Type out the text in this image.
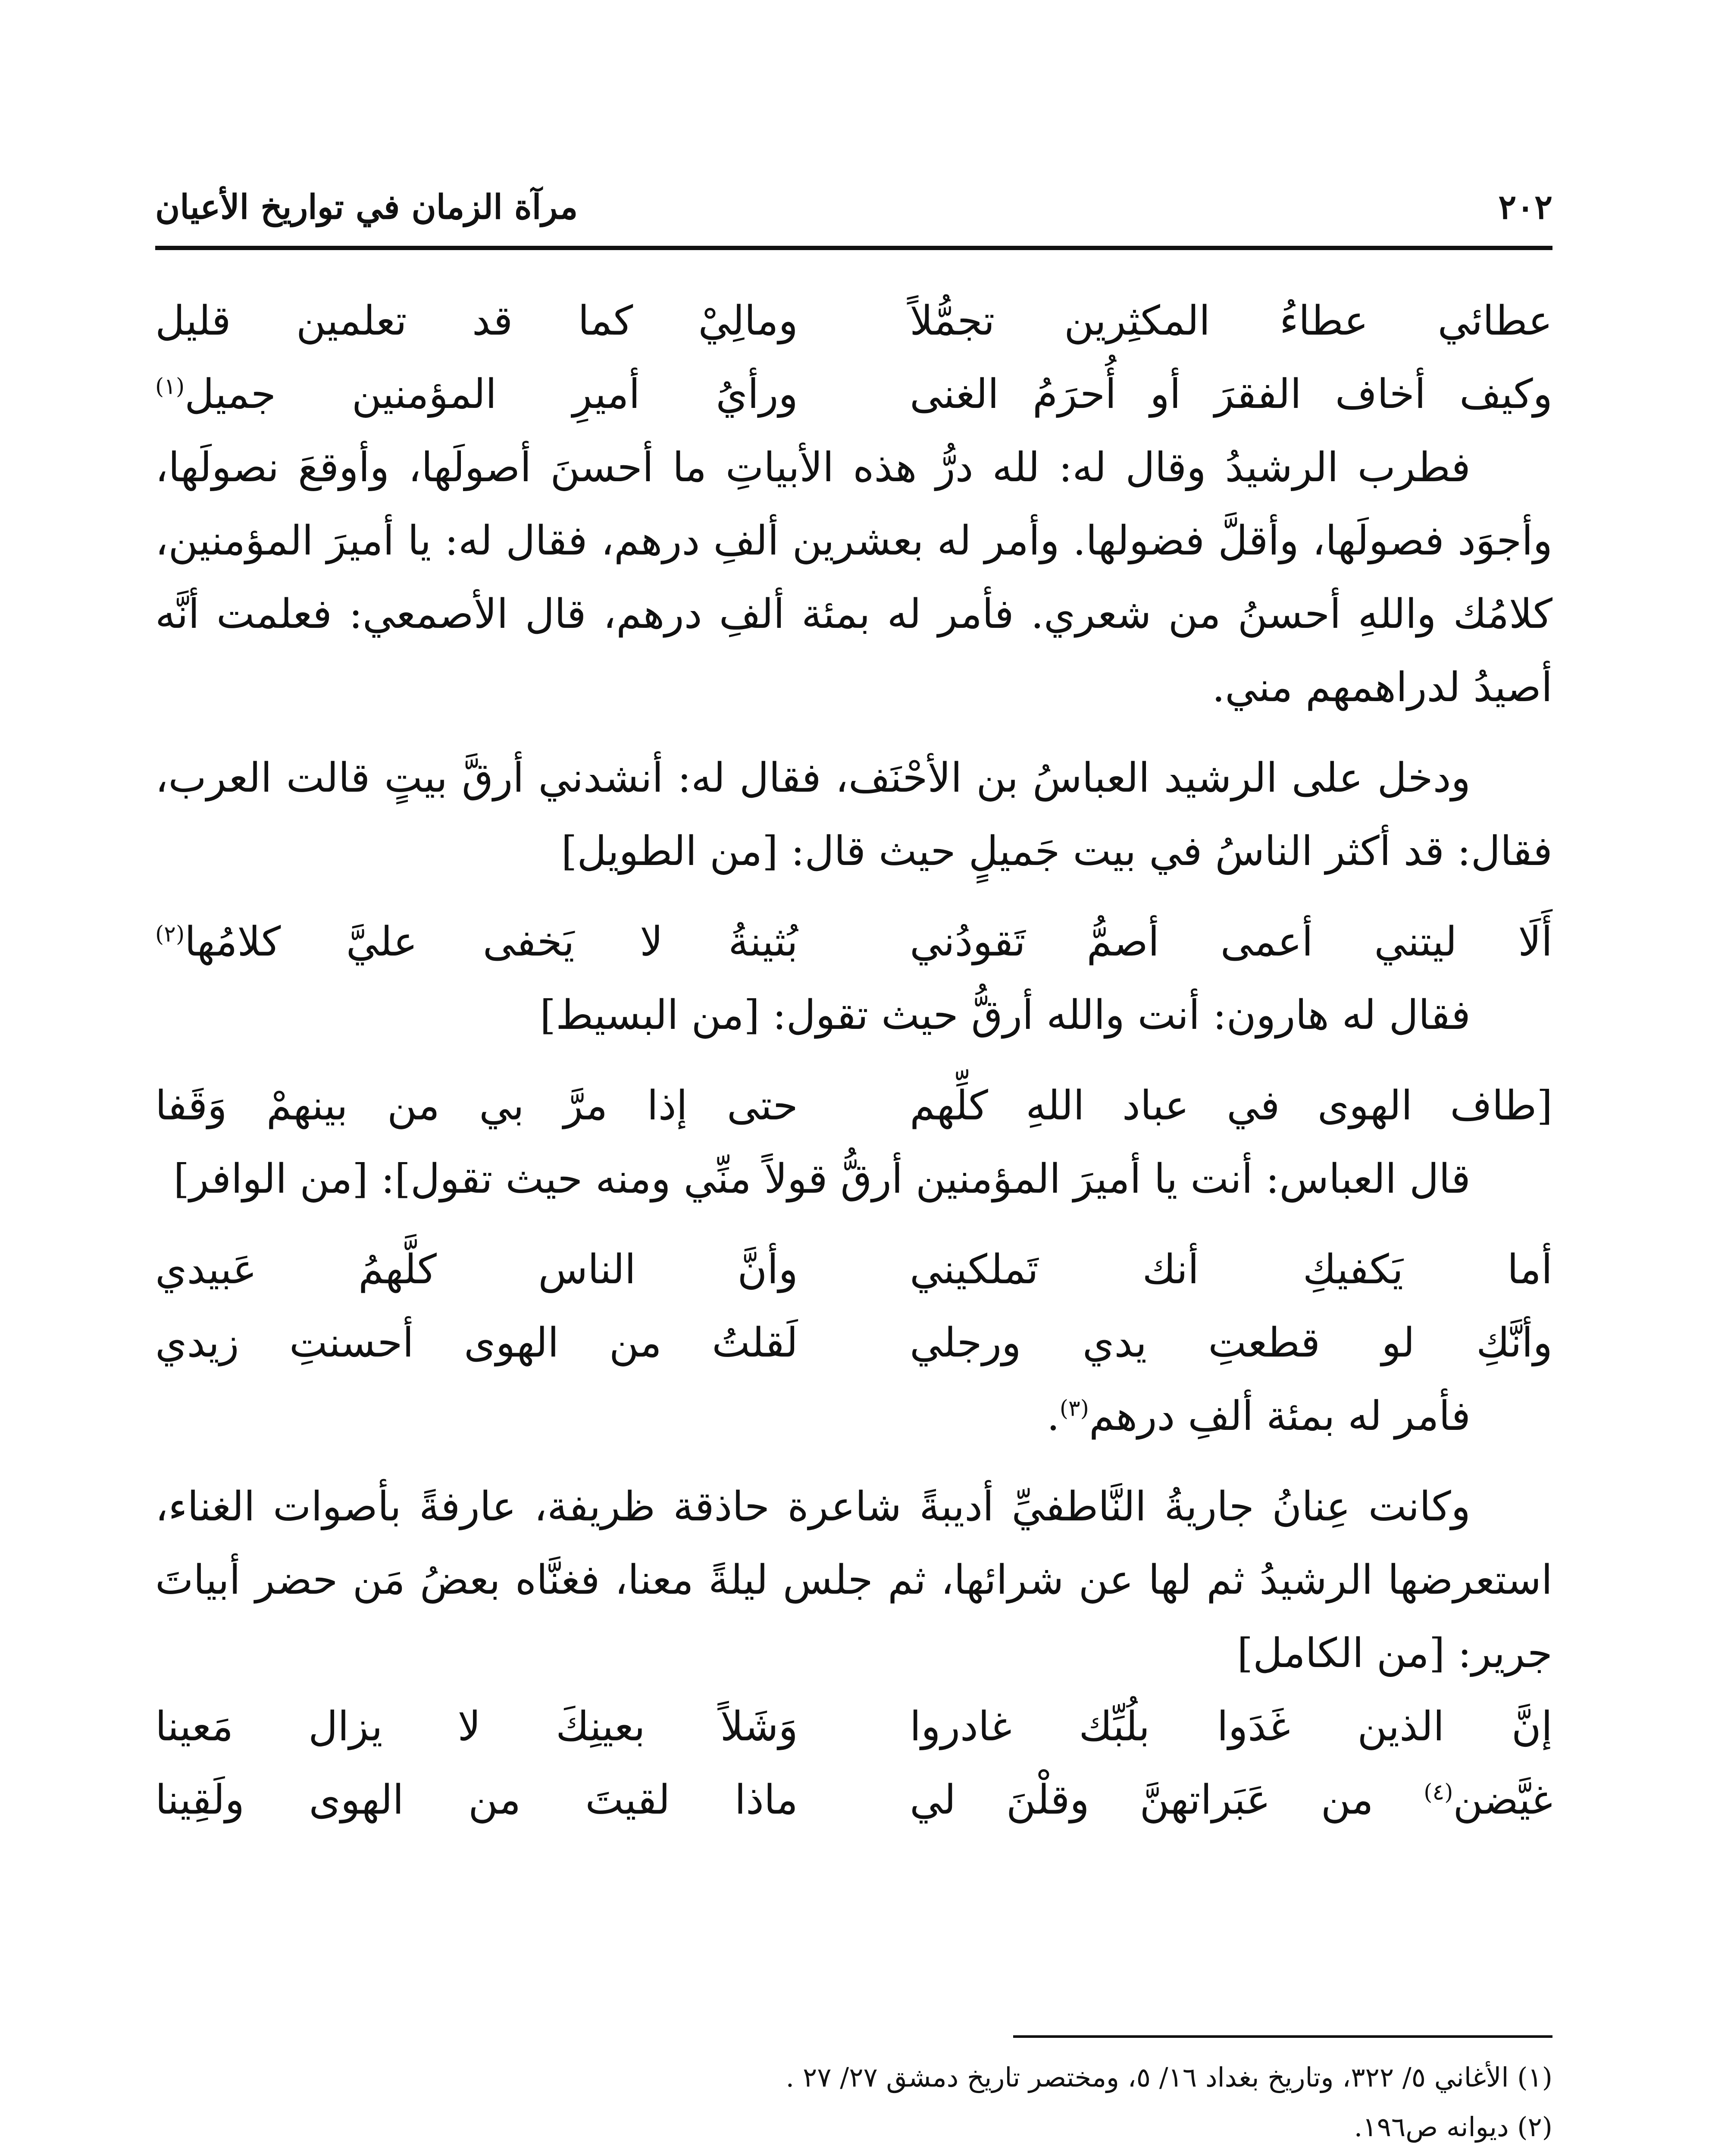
٢٠٢
مرآة الزمان في تواريخ الأعيان
عطائي عطاءُ المكثِرين تجمُّلاً
ومالِيْ كما قد تعلمين قليل
وكيف أخاف الفقرَ أو أُحرَمُ الغنى
ورأيُ أميرِ المؤمنين جميل$^{(١)}$

فطرب الرشيدُ وقال له: لله درُّ هذه الأبياتِ ما أحسنَ أصولَها، وأوقعَ نصولَها، وأجوَد فصولَها، وأقلَّ فضولها. وأمر له بعشرين ألفِ درهم، فقال له: يا أميرَ المؤمنين، كلامُك واللهِ أحسنُ من شعري. فأمر له بمئة ألفِ درهم، قال الأصمعي: فعلمت أنَّه أصيدُ لدراهمهم مني.

ودخل على الرشيد العباسُ بن الأحْنَف، فقال له: أنشدني أرقَّ بيتٍ قالت العرب، فقال: قد أكثر الناسُ في بيت جَميلٍ حيث قال: [من الطويل]

أَلَا ليتني أعمى أصمُّ تَقودُني
بُثينةُ لا يَخفى عليَّ كلامُها$^{(٢)}$

فقال له هارون: أنت والله أرقُّ حيث تقول: [من البسيط]

[طاف الهوى في عباد اللهِ كلِّهم
حتى إذا مرَّ بي من بينهمْ وَقَفا

قال العباس: أنت يا أميرَ المؤمنين أرقُّ قولاً منِّي ومنه حيث تقول]: [من الوافر]

أما يَكفيكِ أنك تَملكيني
وأنَّ الناس كلَّهمُ عَبيدي
وأنَّكِ لو قطعتِ يدي ورجلي
لَقلتُ من الهوى أحسنتِ زيدي

فأمر له بمئة ألفِ درهم$^{(٣)}$.

وكانت عِنانُ جاريةُ النَّاطفيِّ أديبةً شاعرة حاذقة ظريفة، عارفةً بأصوات الغناء، استعرضها الرشيدُ ثم لها عن شرائها، ثم جلس ليلةً معنا، فغنَّاه بعضُ مَن حضر أبياتَ جرير: [من الكامل]

إنَّ الذين غَدَوا بلُبِّك غادروا
وَشَلاً بعينِكَ لا يزال مَعينا
غيَّضن$^{(٤)}$ من عَبَراتهنَّ وقلْنَ لي
ماذا لقيتَ من الهوى ولَقِينا

(١) الأغاني ٥/ ٣٢٢، وتاريخ بغداد ١٦/ ٥، ومختصر تاريخ دمشق ٢٧/ ٢٧ .

(٢) ديوانه ص١٩٦.
